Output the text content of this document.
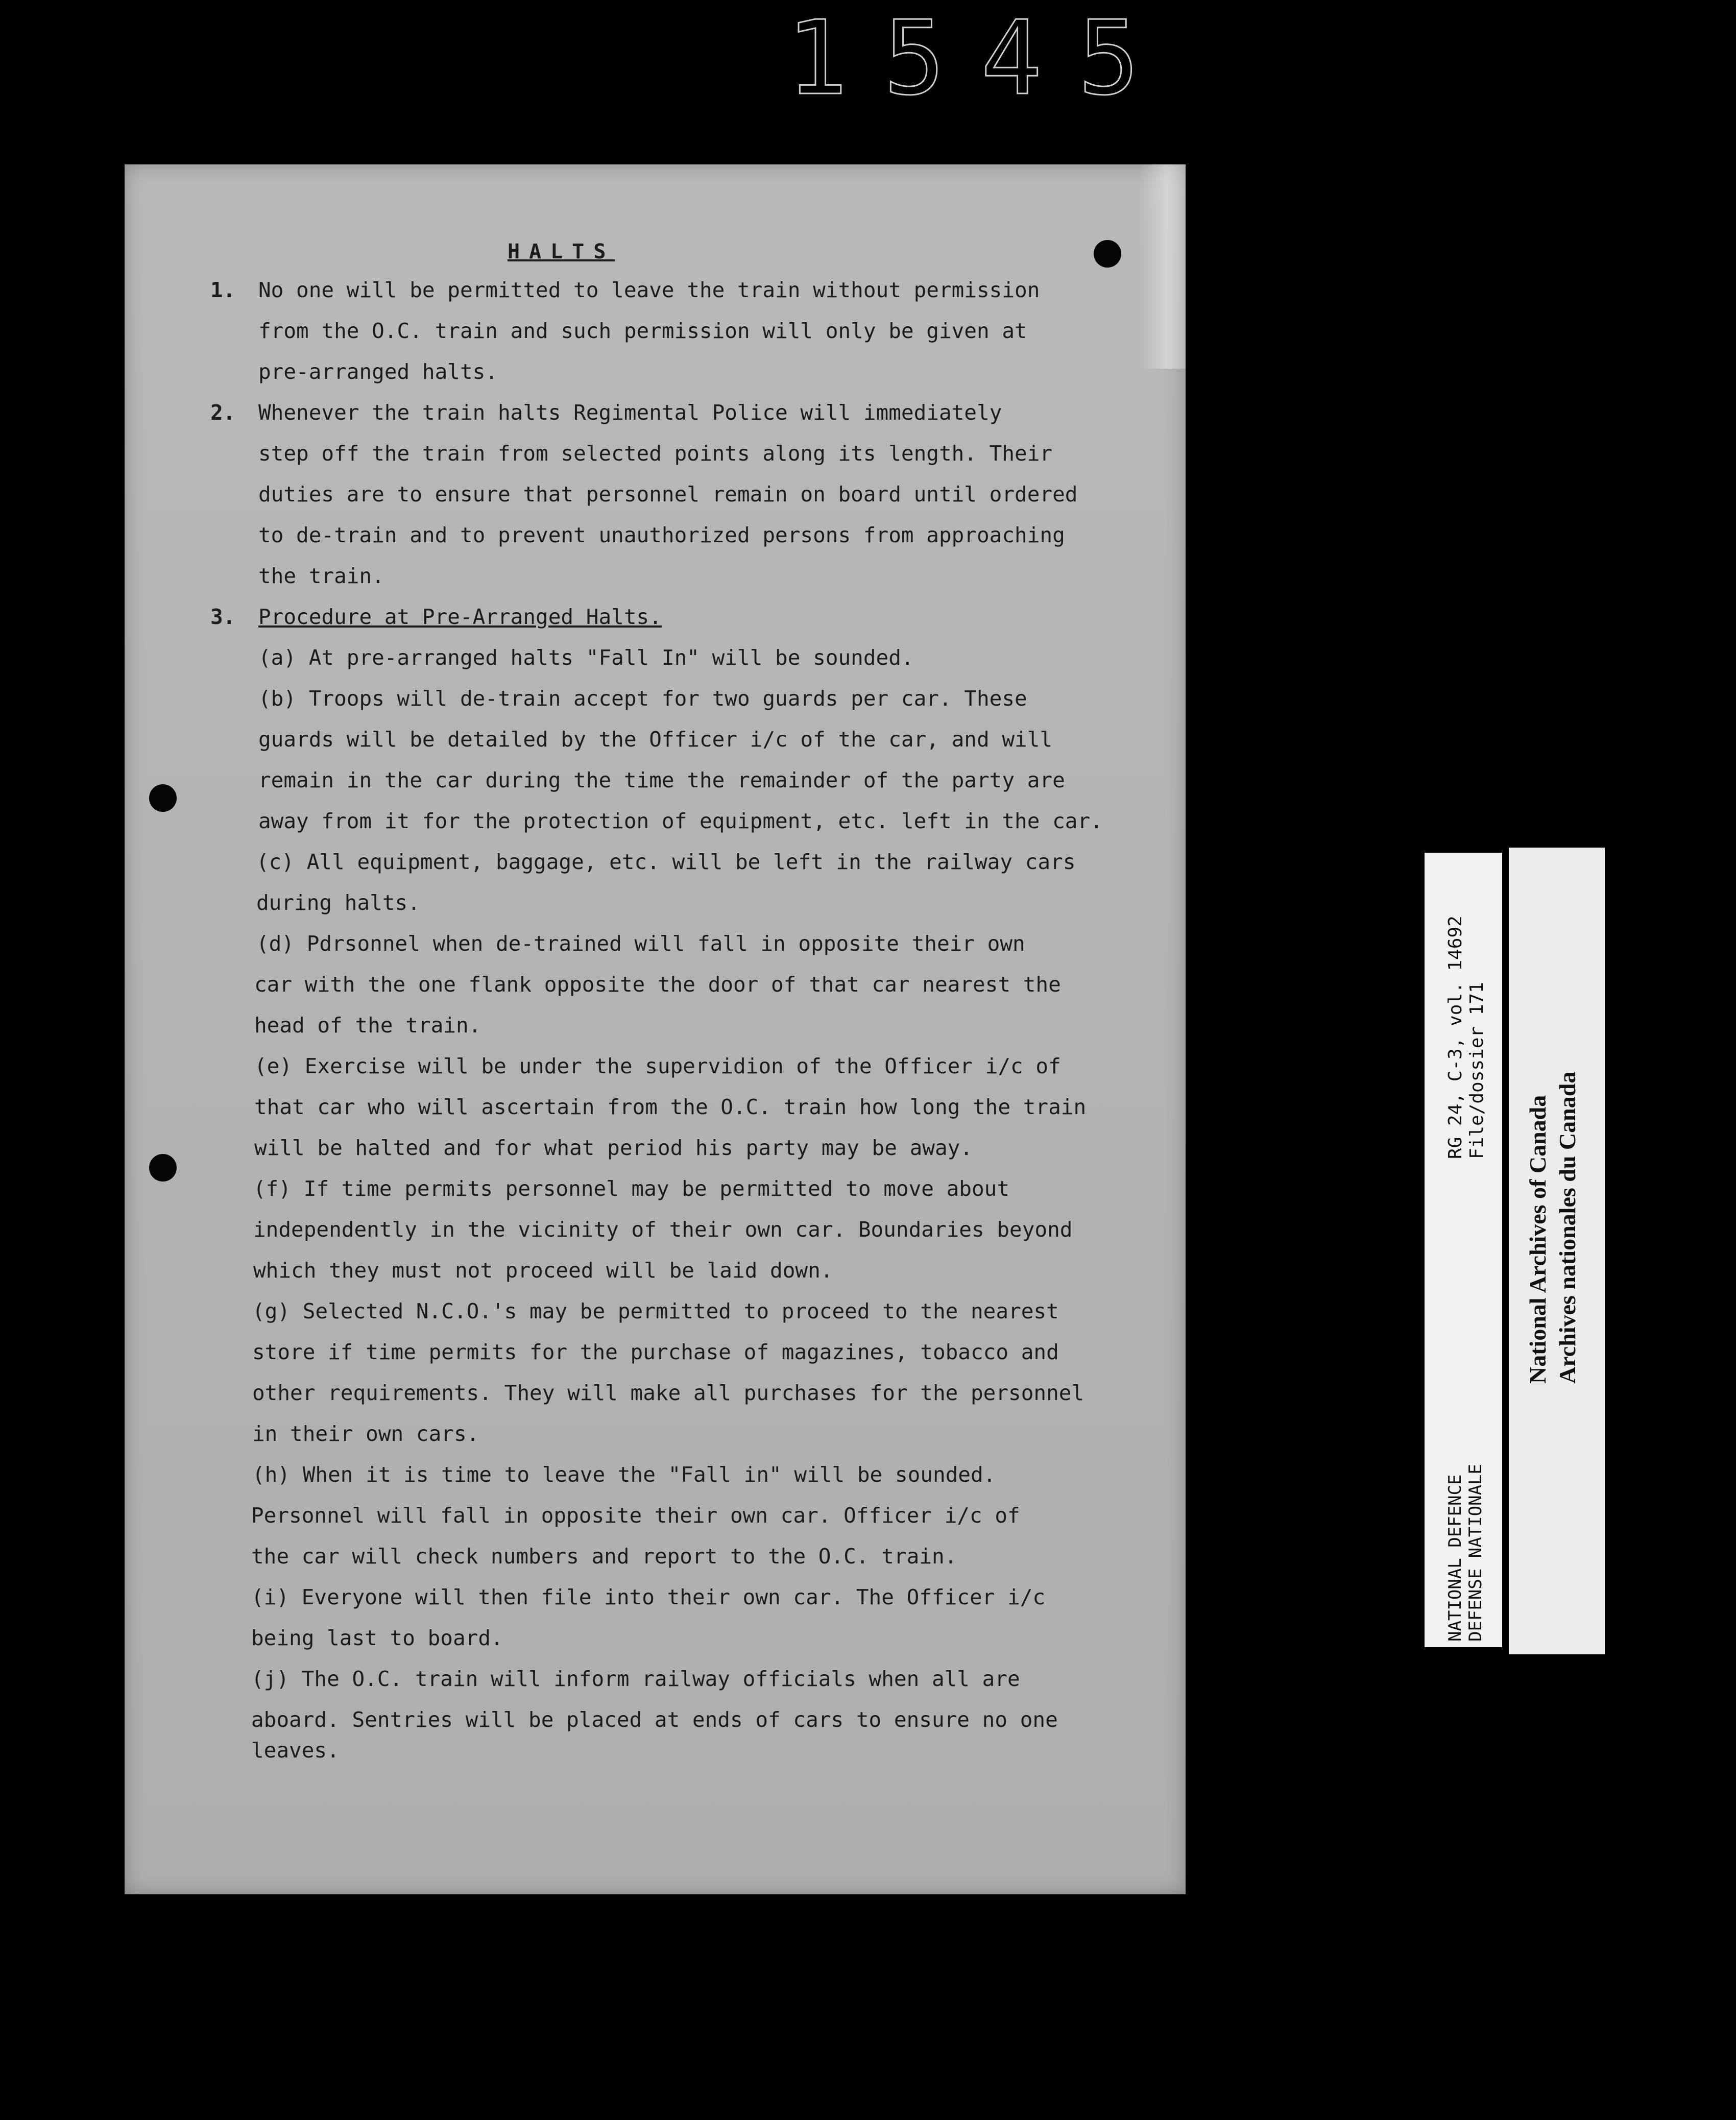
1545
HALTS
1. No one will be permitted to leave the train without permission
from the O.C. train and such permission will only be given at
pre-arranged halts.
2. Whenever the train halts Regimental Police will immediately
step off the train from selected points along its length. Their
duties are to ensure that personnel remain on board until ordered
to de-train and to prevent unauthorized persons from approaching
the train.
3. Procedure at Pre-Arranged Halts.
(a) At pre-arranged halts "Fall In" will be sounded.
(b) Troops will de-train accept for two guards per car. These
guards will be detailed by the Officer i/c of the car, and will
remain in the car during the time the remainder of the party are
away from it for the protection of equipment, etc. left in the car.
(c) All equipment, baggage, etc. will be left in the railway cars
during halts.
(d) Pdrsonnel when de-trained will fall in opposite their own
car with the one flank opposite the door of that car nearest the
head of the train.
(e) Exercise will be under the supervidion of the Officer i/c of
that car who will ascertain from the O.C. train how long the train
will be halted and for what period his party may be away.
(f) If time permits personnel may be permitted to move about
independently in the vicinity of their own car. Boundaries beyond
which they must not proceed will be laid down.
(g) Selected N.C.O.'s may be permitted to proceed to the nearest
store if time permits for the purchase of magazines, tobacco and
other requirements. They will make all purchases for the personnel
in their own cars.
(h) When it is time to leave the "Fall in" will be sounded.
Personnel will fall in opposite their own car. Officer i/c of
the car will check numbers and report to the O.C. train.
(i) Everyone will then file into their own car. The Officer i/c
being last to board.
(j) The O.C. train will inform railway officials when all are
aboard. Sentries will be placed at ends of cars to ensure no one
leaves.
RG 24, C-3, vol. 14692 File/dossier 171
NATIONAL DEFENCE DEFENSE NATIONALE
National Archives of Canada Archives nationales du Canada
